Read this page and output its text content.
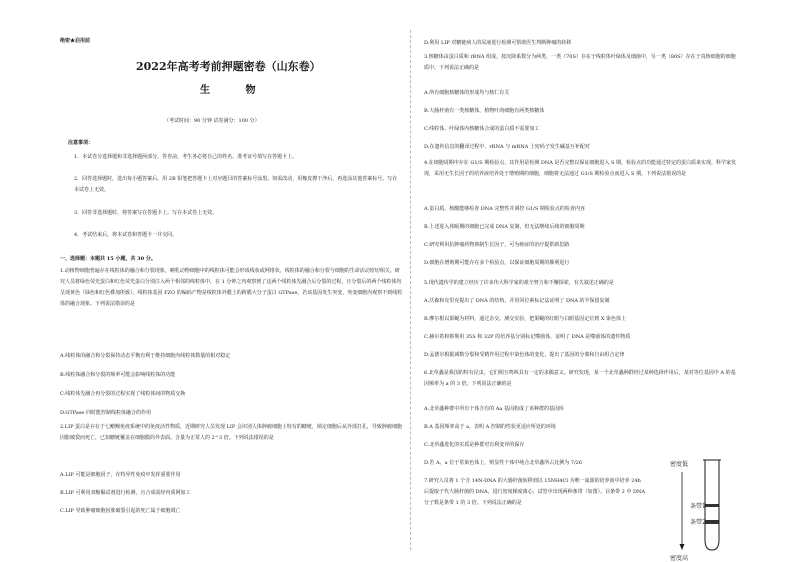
绝密★启用前
2022年高考考前押题密卷（山东卷）
生 物
（考试时间：90 分钟 试卷满分：100 分）
注意事项：
1．本试卷分选择题和非选择题两部分。答卷前，考生务必将自己的姓名、准考证号填写在答题卡上。
2．回答选择题时，选出每小题答案后，用 2B 铅笔把答题卡上对应题目的答案标号涂黑。如需改动，用橡皮擦干净后，再选涂其他答案标号。写在本试卷上无效。
3．回答非选择题时，将答案写在答题卡上。写在本试卷上无效。
4．考试结束后，将本试卷和答题卡一并交回。
一、选择题：本题共 15 小题，共 30 分。
1.动植物细胞普遍存在线粒体的融合和分裂现象，哺乳动物细胞中的线粒体可能会形成线状或网络状，线粒体的融合和分裂与细胞的生命活动密切相关。研究人员将绿色荧光蛋白和红色荧光蛋白分别注入两个相邻的线粒体中，在 1 分钟之内观察到了这两个线粒体先融合后分裂的过程，且分裂后的两个线粒体均呈现黄色（绿色和红色叠加所致）。线粒体基因 FZO 的编码产物是线粒体外膜上的跨膜大分子蛋白 GTPase，若该基因发生突变，突变细胞内观察不到线粒体的融合现象。下列说法错误的是
A.线粒体的融合和分裂保持动态平衡有利于维持细胞内线粒体数量的相对稳定
B.线粒体融合和分裂的频率可能会影响线粒体的功能
C.线粒体先融合再分裂的过程实现了线粒体间的物质交换
D.GTPase 同时能控制线粒体融合的作用
2.LIP 蛋白是存在于七鳃鳗免疫系统中的免疫活性物质，近期研究人员发现 LIP 会识别人体肿瘤细胞上特有的糖链，锁定细胞后从外部打孔，导致肿瘤细胞因胀破裂而死亡，已知糖链覆盖在细胞膜的外表面。含量为正常人的 2^3 倍。下列说法错误的是
A.LIP 可能是细胞因子，在特异性免疫中发挥重要作用
B.LIP 可利用双缩脲试剂进行检测，且合成需经内质网加工
C.LIP 导致肿瘤细胞因胀破裂引起的死亡属于细胞凋亡
D.利用 LIP 对糖链病人的尿液进行检测可帮助医生判断肿瘤的转移
3.核糖体由蛋白质和 rRNA 组成，按沉降系数分为两类，一类（70S）存在于线粒体叶绿体及细菌中，另一类（80S）存在于真核细胞的细胞质中。下列说法正确的是
A.所有细胞核糖体的形成均与核仁有关
B.大肠杆菌有一类核糖体，植物叶肉细胞有两类核糖体
C.线粒体、叶绿体内核糖体合成的蛋白质不需要加工
D.在遗传信息的翻译过程中，rRNA 与 mRNA 上密码子发生碱基互补配对
4.在细胞周期中存在 G1/S 期检验点，其作用是检测 DNA 是否完整以保证细胞进入 S 期，检验点的功能通过特定的蛋白质来实现。科学家发现，采用无生长因子的培养液培养处于增殖期的细胞，细胞将无法通过 G1/S 期检验点而进入 S 期。下列说法错误的是
A.蛋白质、核酸能够检查 DNA 完整性并调控 G1/S 期检验点的检查内容
B.上述进入休眠期的细胞已完成 DNA 复制，但无法继续后续的细胞周期
C.研究利用抗肿瘤药物抑制生长因子，可为癌症的治疗提供新思路
D.细胞在增殖期可能存在多个检验点，以保证细胞周期的顺利进行
5.现代遗传学的建立经历了许多伟大科学家的艰辛努力和不懈探索，有关叙述正确的是
A.沃森和克里克提出了 DNA 的结构，并用同位素标记法证明了 DNA 的半保留复制
B.摩尔根以果蝇为材料，通过杂交、测交实验，把果蝇的红眼与白眼基因定位到 X 染色体上
C.赫尔希和蔡斯用 35S 和 32P 的培养基分别标记噬菌体，证明了 DNA 是噬菌体的遗传物质
D.孟德尔根据减数分裂和受精作用过程中染色体的变化，提出了基因的分离和自由组合定律
6.北草螽是我国的特有昆虫，它们相互鸣叫具有一定的求偶意义。研究发现，某一个北草螽种群经过某种选择作用后，某对等位基因中 A 的基因频率为 a 的 3 倍。下列说法正确的是
A.北草螽种群中所有个体含有的 Aa 基因构成了该种群的基因库
B.A 基因频率高于 a，表明 A 控制的性状更适应所处的环境
C.北草螽进化的实质是种群对有利变异的保存
D.若 A、a 位于常染色体上，则显性个体中纯合北草螽所占比例为 7/26
7.研究人员将 1 个含 14N-DNA 的大肠杆菌转移到以 15NH4Cl 为唯一氮源的培养液中培养 24h 后提取子代大肠杆菌的 DNA，进行密度梯度离心，试管中出现两种条带（如图）。目条带 2 中 DNA 分子数是条带 1 的 3 倍。下列说法正确的是
密度低
条带1
条带2
密度高
